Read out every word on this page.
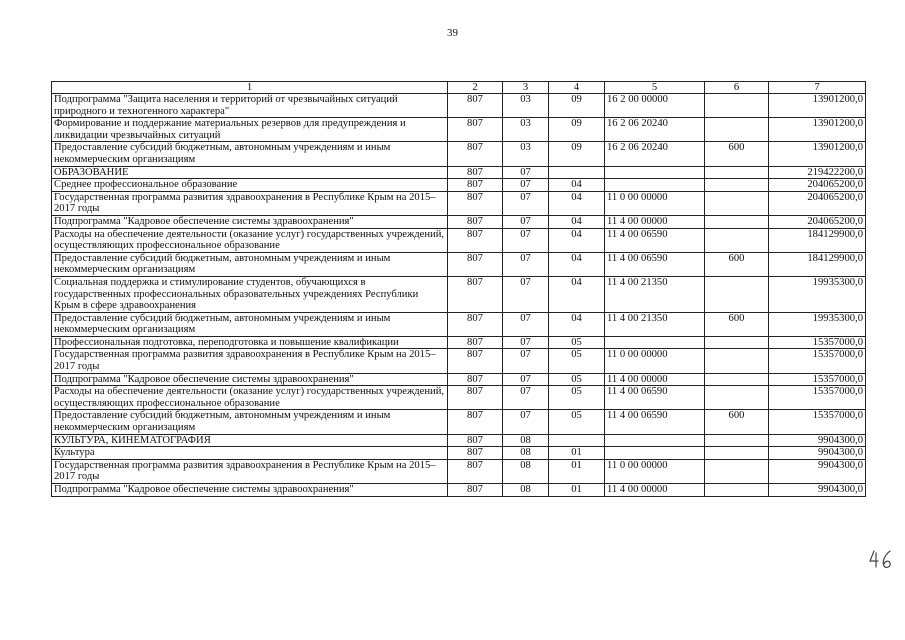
39
1	2	3	4	5	6	7
Подпрограмма "Защита населения и территорий от чрезвычайных ситуаций природного и техногенного характера"	807	03	09	16 2 00 00000		13901200,0
Формирование и поддержание материальных резервов для предупреждения и ликвидации чрезвычайных ситуаций	807	03	09	16 2 06 20240		13901200,0
Предоставление субсидий бюджетным, автономным учреждениям и иным некоммерческим организациям	807	03	09	16 2 06 20240	600	13901200,0
ОБРАЗОВАНИЕ	807	07				219422200,0
Среднее профессиональное образование	807	07	04			204065200,0
Государственная программа развития здравоохранения в Республике Крым на 2015–2017 годы	807	07	04	11 0 00 00000		204065200,0
Подпрограмма "Кадровое обеспечение системы здравоохранения"	807	07	04	11 4 00 00000		204065200,0
Расходы на обеспечение деятельности (оказание услуг) государственных учреждений, осуществляющих профессиональное образование	807	07	04	11 4 00 06590		184129900,0
Предоставление субсидий бюджетным, автономным учреждениям и иным некоммерческим организациям	807	07	04	11 4 00 06590	600	184129900,0
Социальная поддержка и стимулирование студентов, обучающихся в государственных профессиональных образовательных учреждениях Республики Крым в сфере здравоохранения	807	07	04	11 4 00 21350		19935300,0
Предоставление субсидий бюджетным, автономным учреждениям и иным некоммерческим организациям	807	07	04	11 4 00 21350	600	19935300,0
Профессиональная подготовка, переподготовка и повышение квалификации	807	07	05			15357000,0
Государственная программа развития здравоохранения в Республике Крым на 2015–2017 годы	807	07	05	11 0 00 00000		15357000,0
Подпрограмма "Кадровое обеспечение системы здравоохранения"	807	07	05	11 4 00 00000		15357000,0
Расходы на обеспечение деятельности (оказание услуг) государственных учреждений, осуществляющих профессиональное образование	807	07	05	11 4 00 06590		15357000,0
Предоставление субсидий бюджетным, автономным учреждениям и иным некоммерческим организациям	807	07	05	11 4 00 06590	600	15357000,0
КУЛЬТУРА, КИНЕМАТОГРАФИЯ	807	08				9904300,0
Культура	807	08	01			9904300,0
Государственная программа развития здравоохранения в Республике Крым на 2015–2017 годы	807	08	01	11 0 00 00000		9904300,0
Подпрограмма "Кадровое обеспечение системы здравоохранения"	807	08	01	11 4 00 00000		9904300,0
